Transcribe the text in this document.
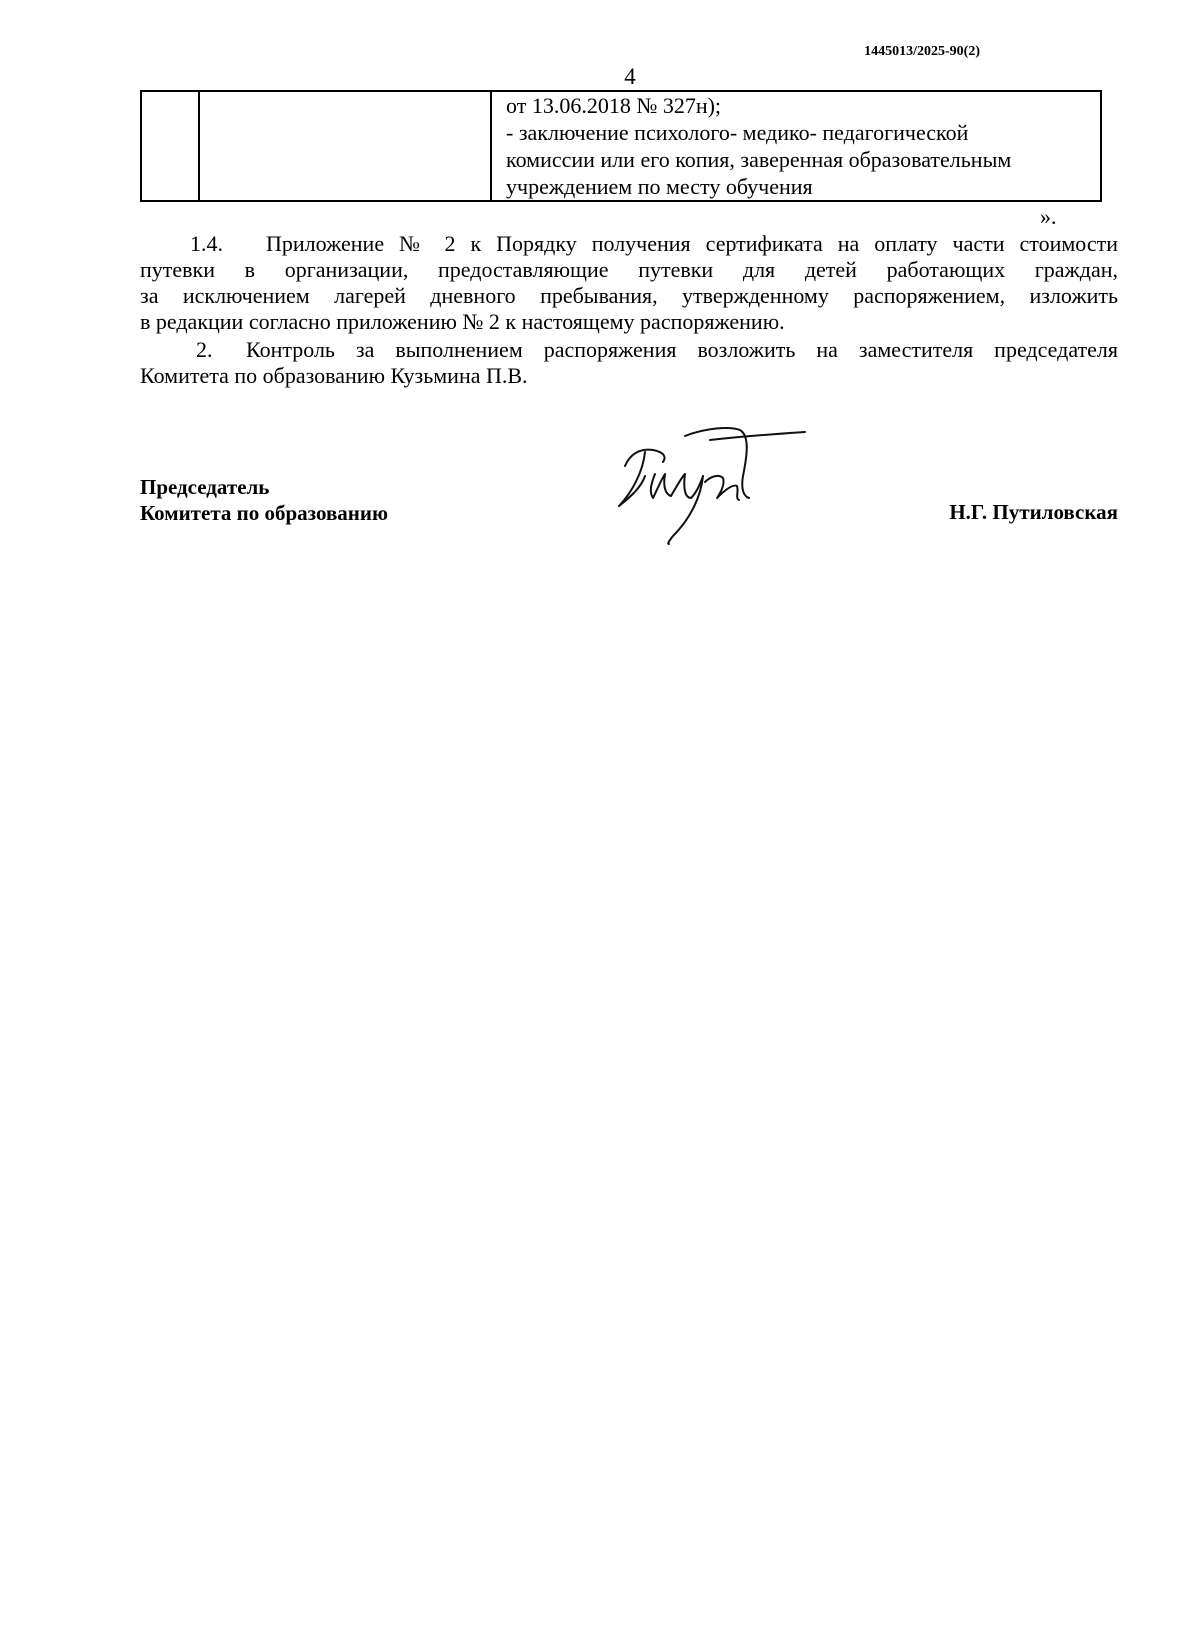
1445013/2025-90(2)
4

от 13.06.2018 № 327н);
- заключение психолого- медико- педагогической
комиссии или его копия, заверенная образовательным
учреждением по месту обучения
».
1.4. Приложение № 2 к Порядку получения сертификата на оплату части стоимости
путевки в организации, предоставляющие путевки для детей работающих граждан,
за исключением лагерей дневного пребывания, утвержденному распоряжением, изложить
в редакции согласно приложению № 2 к настоящему распоряжению.
2. Контроль за выполнением распоряжения возложить на заместителя председателя
Комитета по образованию Кузьмина П.В.
Председатель
Комитета по образованию	Н.Г. Путиловская
